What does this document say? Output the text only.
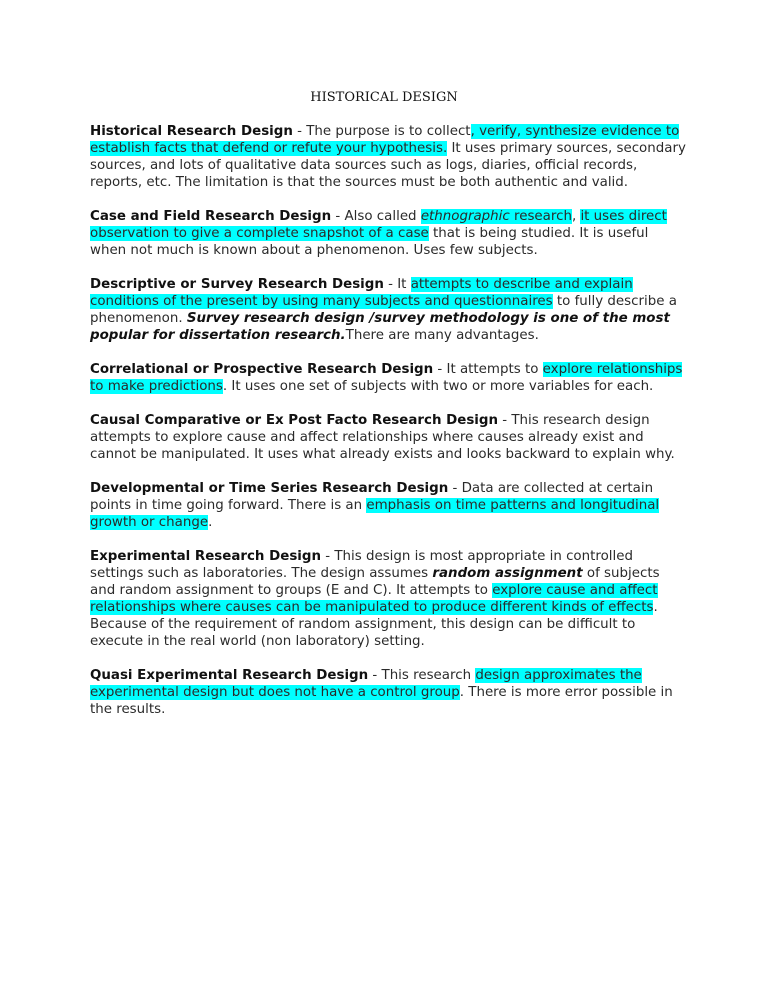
HISTORICAL DESIGN

Historical Research Design - The purpose is to collect, verify, synthesize evidence to establish facts that defend or refute your hypothesis. It uses primary sources, secondary sources, and lots of qualitative data sources such as logs, diaries, official records, reports, etc. The limitation is that the sources must be both authentic and valid.

Case and Field Research Design - Also called ethnographic research, it uses direct observation to give a complete snapshot of a case that is being studied. It is useful when not much is known about a phenomenon. Uses few subjects.

Descriptive or Survey Research Design - It attempts to describe and explain conditions of the present by using many subjects and questionnaires to fully describe a phenomenon. Survey research design /survey methodology is one of the most popular for dissertation research.There are many advantages.

Correlational or Prospective Research Design - It attempts to explore relationships to make predictions. It uses one set of subjects with two or more variables for each.

Causal Comparative or Ex Post Facto Research Design - This research design attempts to explore cause and affect relationships where causes already exist and cannot be manipulated. It uses what already exists and looks backward to explain why.

Developmental or Time Series Research Design - Data are collected at certain points in time going forward. There is an emphasis on time patterns and longitudinal growth or change.

Experimental Research Design - This design is most appropriate in controlled settings such as laboratories. The design assumes random assignment of subjects and random assignment to groups (E and C). It attempts to explore cause and affect relationships where causes can be manipulated to produce different kinds of effects. Because of the requirement of random assignment, this design can be difficult to execute in the real world (non laboratory) setting.

Quasi Experimental Research Design - This research design approximates the experimental design but does not have a control group. There is more error possible in the results.
